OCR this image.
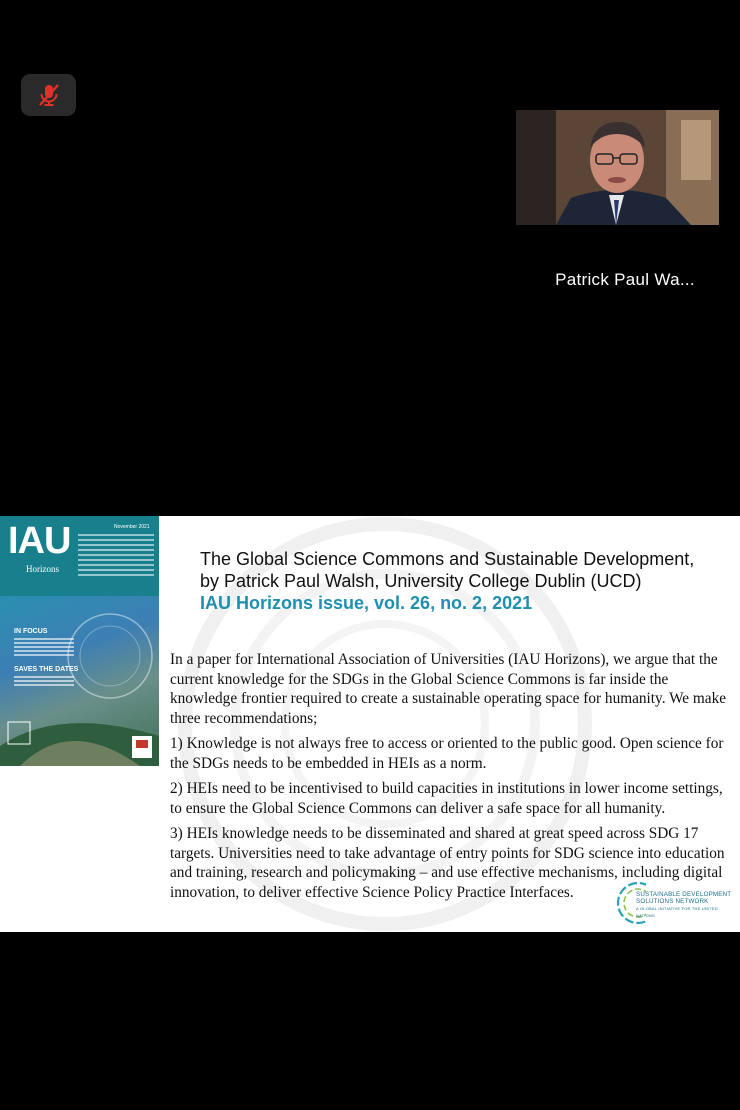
Patrick Paul Wa...
IAU
Horizons
November 2021
IN FOCUS
SAVES THE DATES
The Global Science Commons and Sustainable Development,
by Patrick Paul Walsh, University College Dublin (UCD)
IAU Horizons issue, vol. 26, no. 2, 2021

In a paper for International Association of Universities (IAU Horizons), we argue that the current knowledge for the SDGs in the Global Science Commons is far inside the knowledge frontier required to create a sustainable operating space for humanity. We make three recommendations;

1) Knowledge is not always free to access or oriented to the public good. Open science for the SDGs needs to be embedded in HEIs as a norm.

2) HEIs need to be incentivised to build capacities in institutions in lower income settings, to ensure the Global Science Commons can deliver a safe space for all humanity.

3) HEIs knowledge needs to be disseminated and shared at great speed across SDG 17 targets. Universities need to take advantage of entry points for SDG science into education and training, research and policymaking – and use effective mechanisms, including digital innovation, to deliver effective Science Policy Practice Interfaces.	SUSTAINABLE DEVELOPMENT
SOLUTIONS NETWORK
A GLOBAL INITIATIVE FOR THE UNITED NATIONS
